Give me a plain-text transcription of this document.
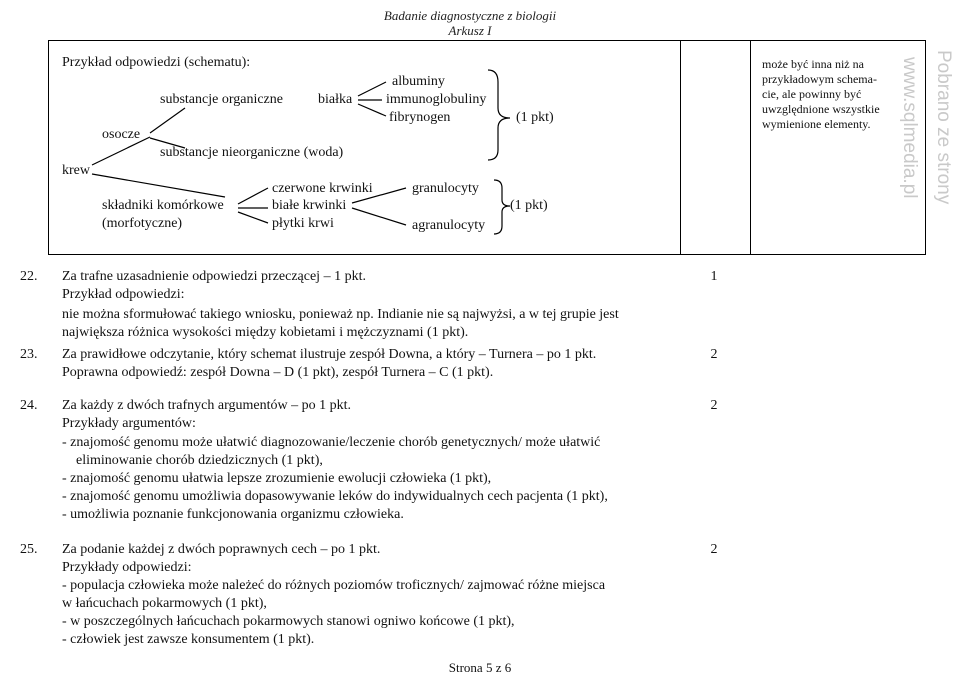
Badanie diagnostyczne z biologii
Arkusz I
Pobrano ze strony www.sqlmedia.pl
Przykład odpowiedzi (schematu):
krew
osocze
substancje organiczne	białka
albuminy
immunoglobuliny
fibrynogen
substancje nieorganiczne (woda)
czerwone krwinki
składniki komórkowe
(morfotyczne)
białe krwinki
płytki krwi
granulocyty
agranulocyty
(1 pkt)
(1 pkt)
może być inna niż na
przykładowym schema-
cie, ale powinny być
uwzględnione wszystkie
wymienione elementy.
22.	1
Za trafne uzasadnienie odpowiedzi przeczącej – 1 pkt.
Przykład odpowiedzi:
nie można sformułować takiego wniosku, ponieważ np. Indianie nie są najwyżsi, a w tej grupie jest
największa różnica wysokości między kobietami i mężczyznami (1 pkt).
23.	2
Za prawidłowe odczytanie, który schemat ilustruje zespół Downa, a który – Turnera – po 1 pkt.
Poprawna odpowiedź: zespół Downa – D (1 pkt), zespół Turnera – C (1 pkt).
24.	2
Za każdy z dwóch trafnych argumentów – po 1 pkt.
Przykłady argumentów:
- znajomość genomu może ułatwić diagnozowanie/leczenie chorób genetycznych/ może ułatwić
eliminowanie chorób dziedzicznych (1 pkt),
- znajomość genomu ułatwia lepsze zrozumienie ewolucji człowieka (1 pkt),
- znajomość genomu umożliwia dopasowywanie leków do indywidualnych cech pacjenta (1 pkt),
- umożliwia poznanie funkcjonowania organizmu człowieka.
25.	2
Za podanie każdej z dwóch poprawnych cech – po 1 pkt.
Przykłady odpowiedzi:
- populacja człowieka może należeć do różnych poziomów troficznych/ zajmować różne miejsca
w łańcuchach pokarmowych (1 pkt),
- w poszczególnych łańcuchach pokarmowych stanowi ogniwo końcowe (1 pkt),
- człowiek jest zawsze konsumentem (1 pkt).
Strona 5 z 6
